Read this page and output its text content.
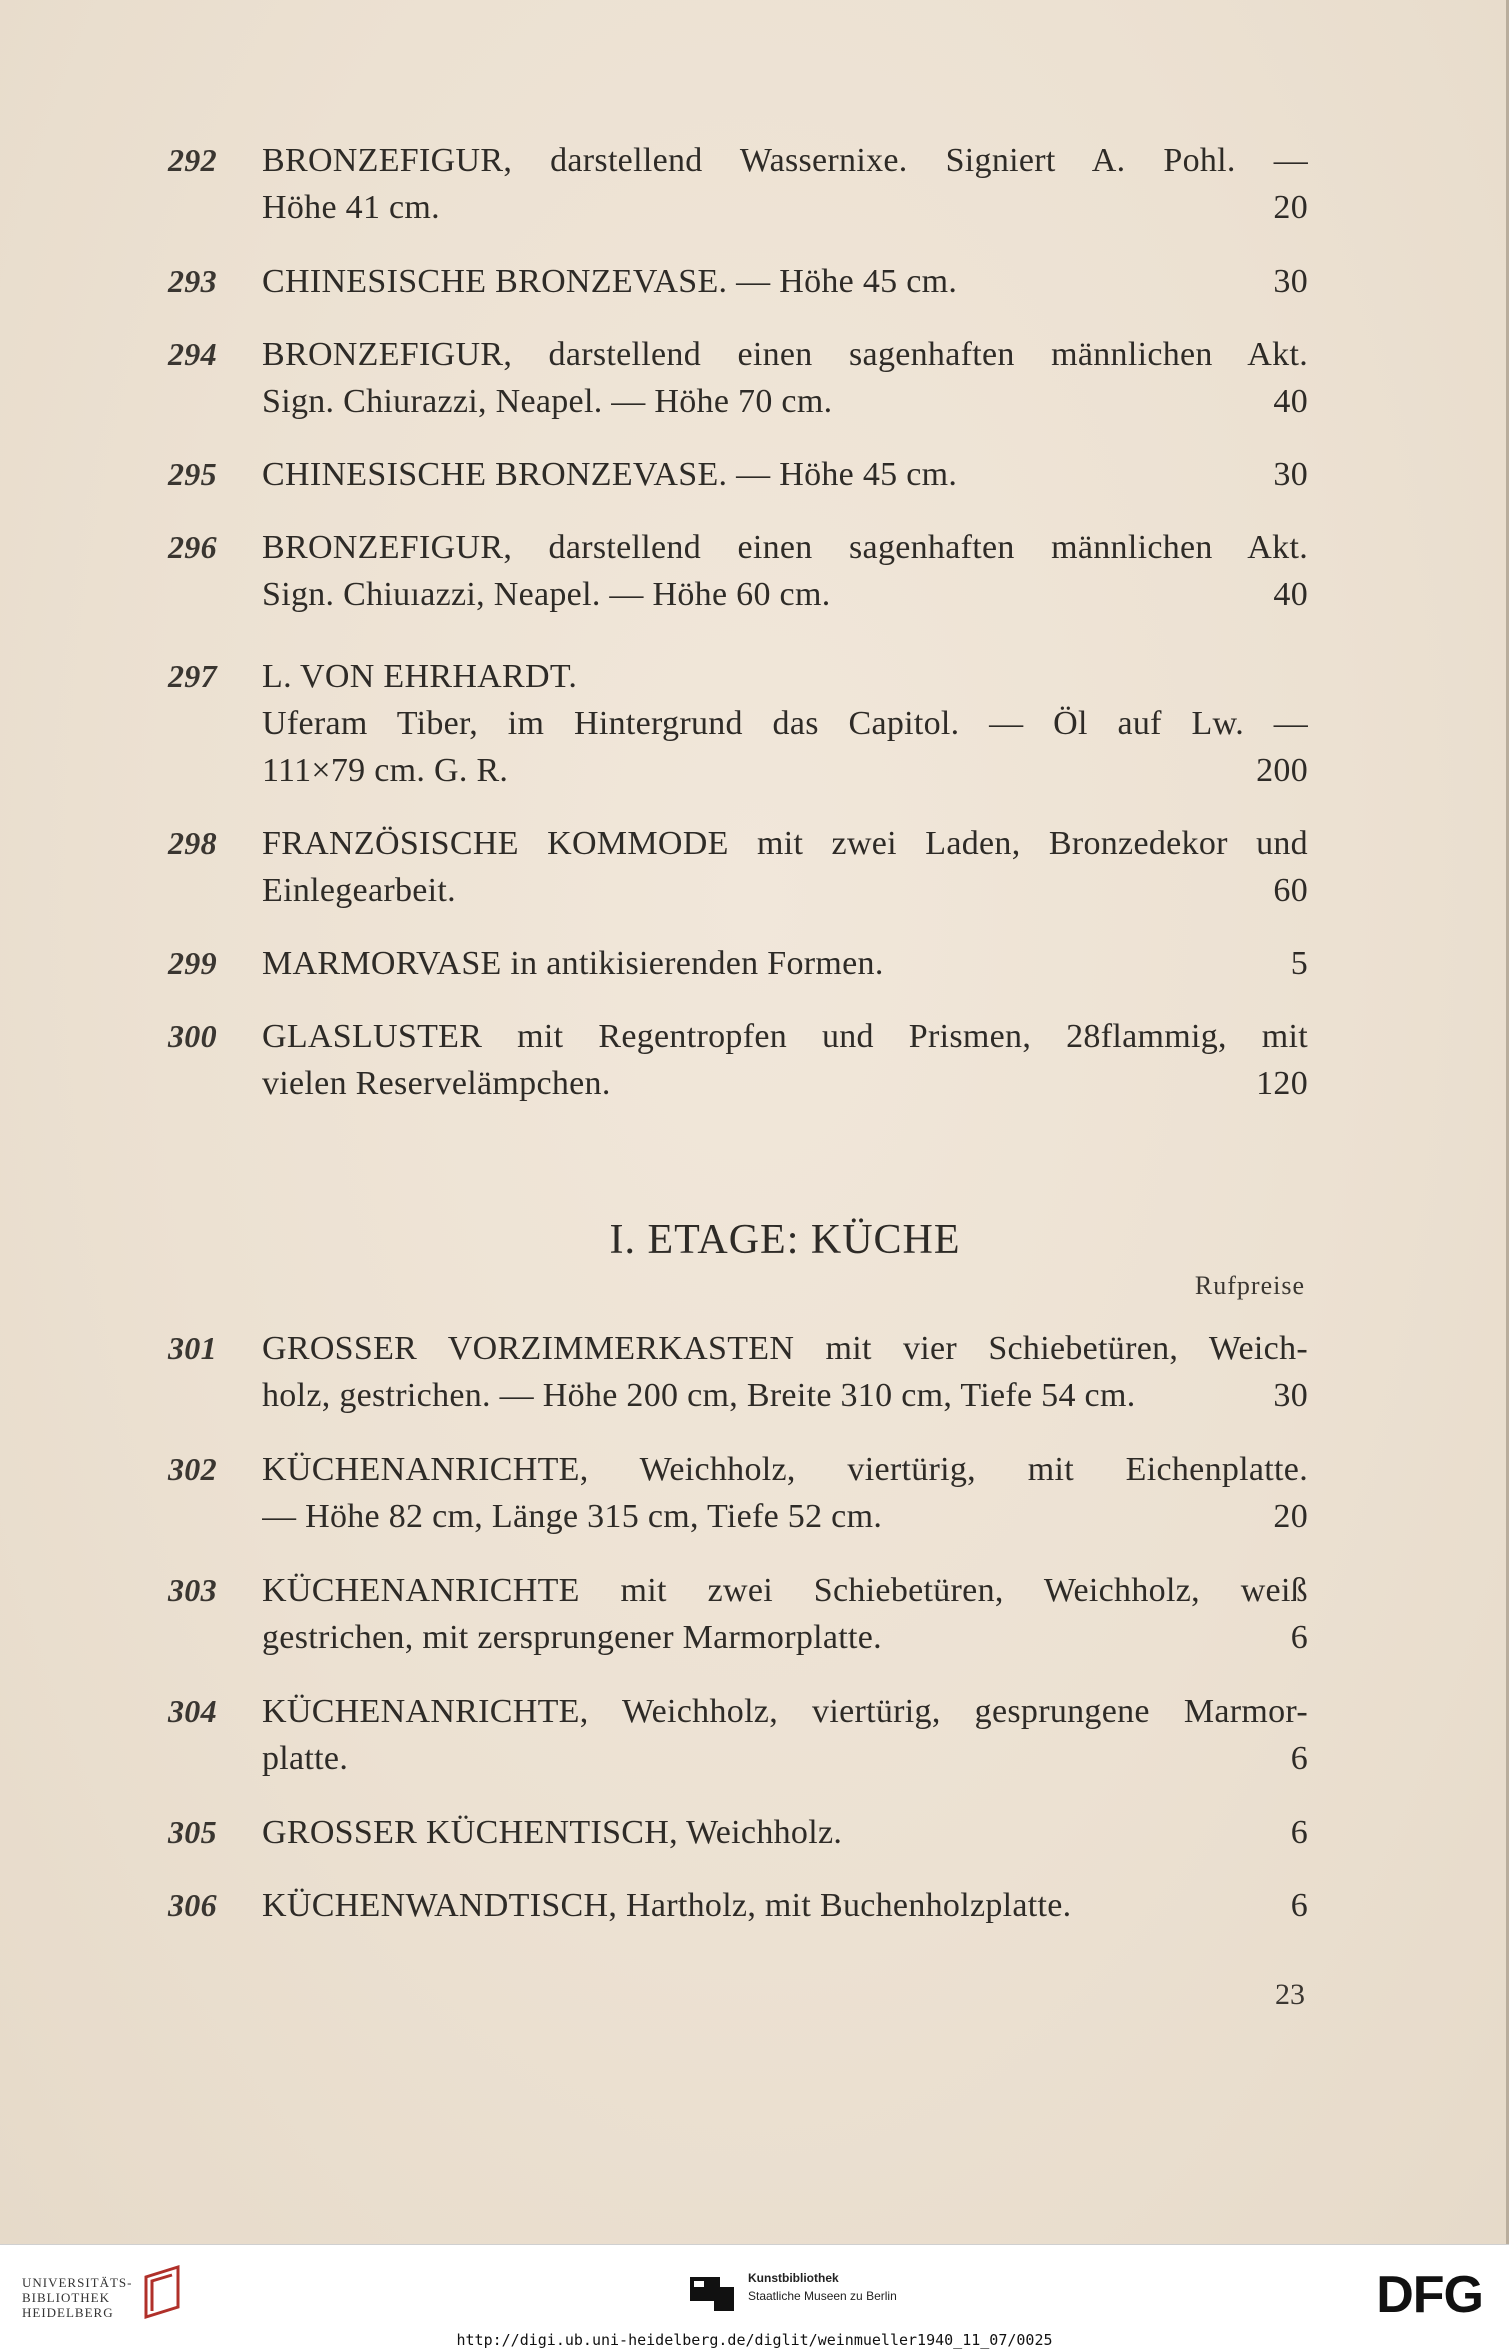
292	BRONZEFIGUR, darstellend Wassernixe. Signiert A. Pohl. —
Höhe 41 cm.	20
293	CHINESISCHE BRONZEVASE. — Höhe 45 cm.	30
294	BRONZEFIGUR, darstellend einen sagenhaften männlichen Akt.
Sign. Chiurazzi, Neapel. — Höhe 70 cm.	40
295	CHINESISCHE BRONZEVASE. — Höhe 45 cm.	30
296	BRONZEFIGUR, darstellend einen sagenhaften männlichen Akt.
Sign. Chiuıazzi, Neapel. — Höhe 60 cm.	40
297	L. VON EHRHARDT.
Uferam Tiber, im Hintergrund das Capitol. — Öl auf Lw. —
111×79 cm. G. R.	200
298	FRANZÖSISCHE KOMMODE mit zwei Laden, Bronzedekor und
Einlegearbeit.	60
299	MARMORVASE in antikisierenden Formen.	5
300	GLASLUSTER mit Regentropfen und Prismen, 28flammig, mit
vielen Reservelämpchen.	120
I. ETAGE: KÜCHE
Rufpreise
301	GROSSER VORZIMMERKASTEN mit vier Schiebetüren, Weich-
holz, gestrichen. — Höhe 200 cm, Breite 310 cm, Tiefe 54 cm.	30
302	KÜCHENANRICHTE, Weichholz, viertürig, mit Eichenplatte.
— Höhe 82 cm, Länge 315 cm, Tiefe 52 cm.	20
303	KÜCHENANRICHTE mit zwei Schiebetüren, Weichholz, weiß
gestrichen, mit zersprungener Marmorplatte.	6
304	KÜCHENANRICHTE, Weichholz, viertürig, gesprungene Marmor-
platte.	6
305	GROSSER KÜCHENTISCH, Weichholz.	6
306	KÜCHENWANDTISCH, Hartholz, mit Buchenholzplatte.	6
23
UNIVERSITÄTS-
BIBLIOTHEK
HEIDELBERG
Kunstbibliothek
Staatliche Museen zu Berlin	DFG
http://digi.ub.uni-heidelberg.de/diglit/weinmueller1940_11_07/0025
